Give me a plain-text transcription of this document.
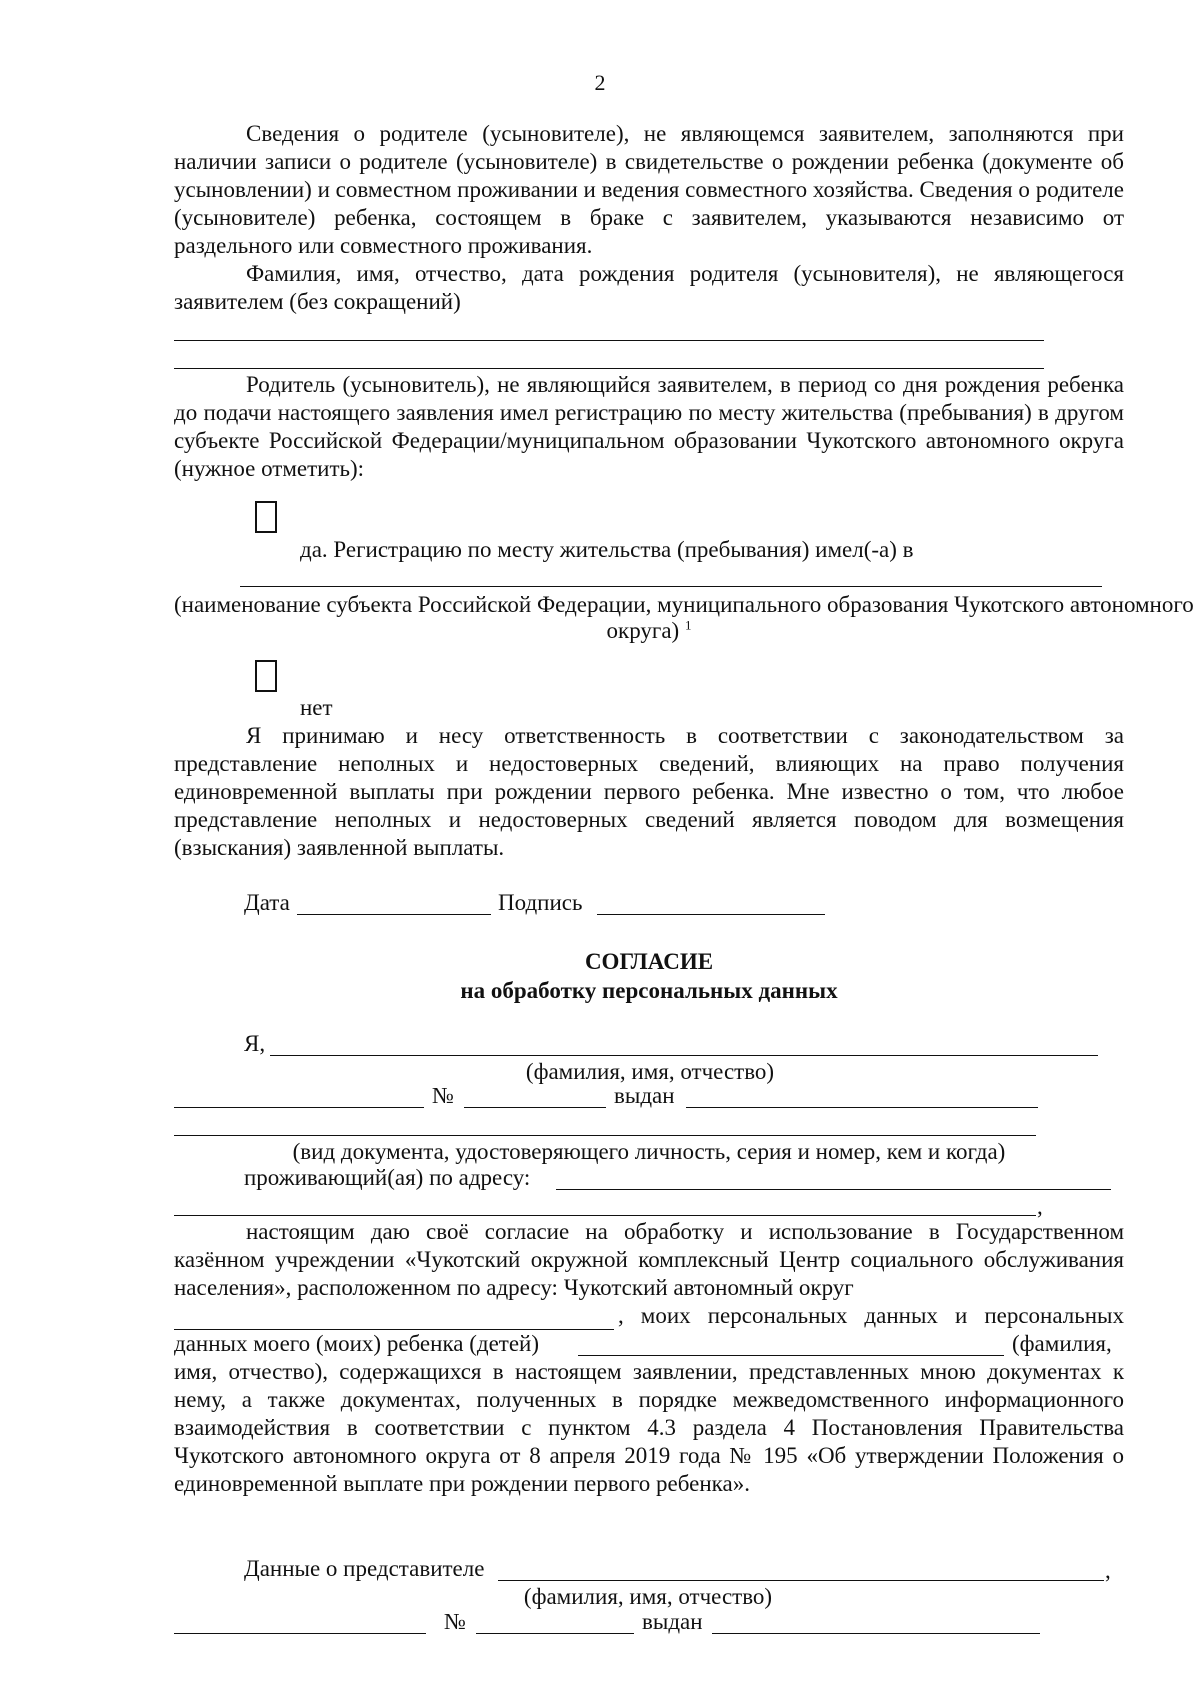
2
Сведения о родителе (усыновителе), не являющемся заявителем, заполняются при наличии записи о родителе (усыновителе) в свидетельстве о рождении ребенка (документе об усыновлении) и совместном проживании и ведения совместного хозяйства. Сведения о родителе (усыновителе) ребенка, состоящем в браке с заявителем, указываются независимо от раздельного или совместного проживания.
Фамилия, имя, отчество, дата рождения родителя (усыновителя), не являющегося заявителем (без сокращений)
Родитель (усыновитель), не являющийся заявителем, в период со дня рождения ребенка до подачи настоящего заявления имел регистрацию по месту жительства (пребывания) в другом субъекте Российской Федерации/муниципальном образовании Чукотского автономного округа (нужное отметить):
да. Регистрацию по месту жительства (пребывания) имел(-а) в
(наименование субъекта Российской Федерации, муниципального образования Чукотского автономного
округа) $^1$
нет
Я принимаю и несу ответственность в соответствии с законодательством за представление неполных и недостоверных сведений, влияющих на право получения единовременной выплаты при рождении первого ребенка. Мне известно о том, что любое представление неполных и недостоверных сведений является поводом для возмещения (взыскания) заявленной выплаты.
Дата	Подпись
СОГЛАСИЕ
на обработку персональных данных
Я,
(фамилия, имя, отчество)
№	выдан
(вид документа, удостоверяющего личность, серия и номер, кем и когда)
проживающий(ая) по адресу:
,
настоящим даю своё согласие на обработку и использование в Государственном казённом учреждении «Чукотский окружной комплексный Центр социального обслуживания населения», расположенном по адресу: Чукотский автономный округ
, моих персональных данных и персональных
данных моего (моих) ребенка (детей)	(фамилия,
имя, отчество), содержащихся в настоящем заявлении, представленных мною документах к нему, а также документах, полученных в порядке межведомственного информационного взаимодействия в соответствии с пунктом 4.3 раздела 4 Постановления Правительства Чукотского автономного округа от 8 апреля 2019 года № 195 «Об утверждении Положения о единовременной выплате при рождении первого ребенка».
Данные о представителе	,
(фамилия, имя, отчество)
№	выдан
